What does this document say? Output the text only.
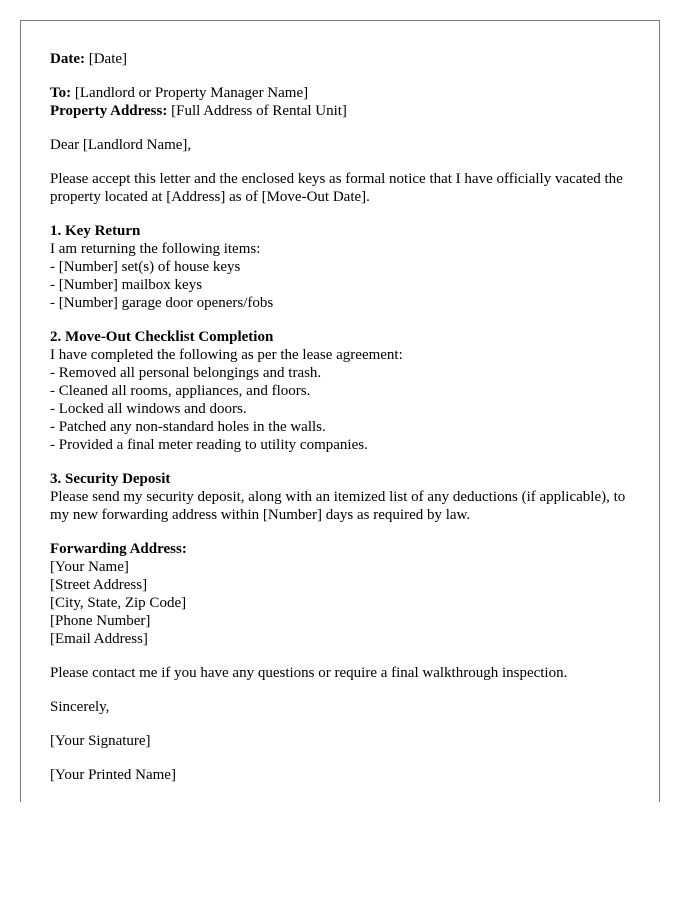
Date: [Date]
To: [Landlord or Property Manager Name]
Property Address: [Full Address of Rental Unit]
Dear [Landlord Name],
Please accept this letter and the enclosed keys as formal notice that I have officially vacated the property located at [Address] as of [Move-Out Date].
1. Key Return
I am returning the following items:
- [Number] set(s) of house keys
- [Number] mailbox keys
- [Number] garage door openers/fobs
2. Move-Out Checklist Completion
I have completed the following as per the lease agreement:
- Removed all personal belongings and trash.
- Cleaned all rooms, appliances, and floors.
- Locked all windows and doors.
- Patched any non-standard holes in the walls.
- Provided a final meter reading to utility companies.
3. Security Deposit
Please send my security deposit, along with an itemized list of any deductions (if applicable), to my new forwarding address within [Number] days as required by law.
Forwarding Address:
[Your Name]
[Street Address]
[City, State, Zip Code]
[Phone Number]
[Email Address]
Please contact me if you have any questions or require a final walkthrough inspection.
Sincerely,
[Your Signature]
[Your Printed Name]
